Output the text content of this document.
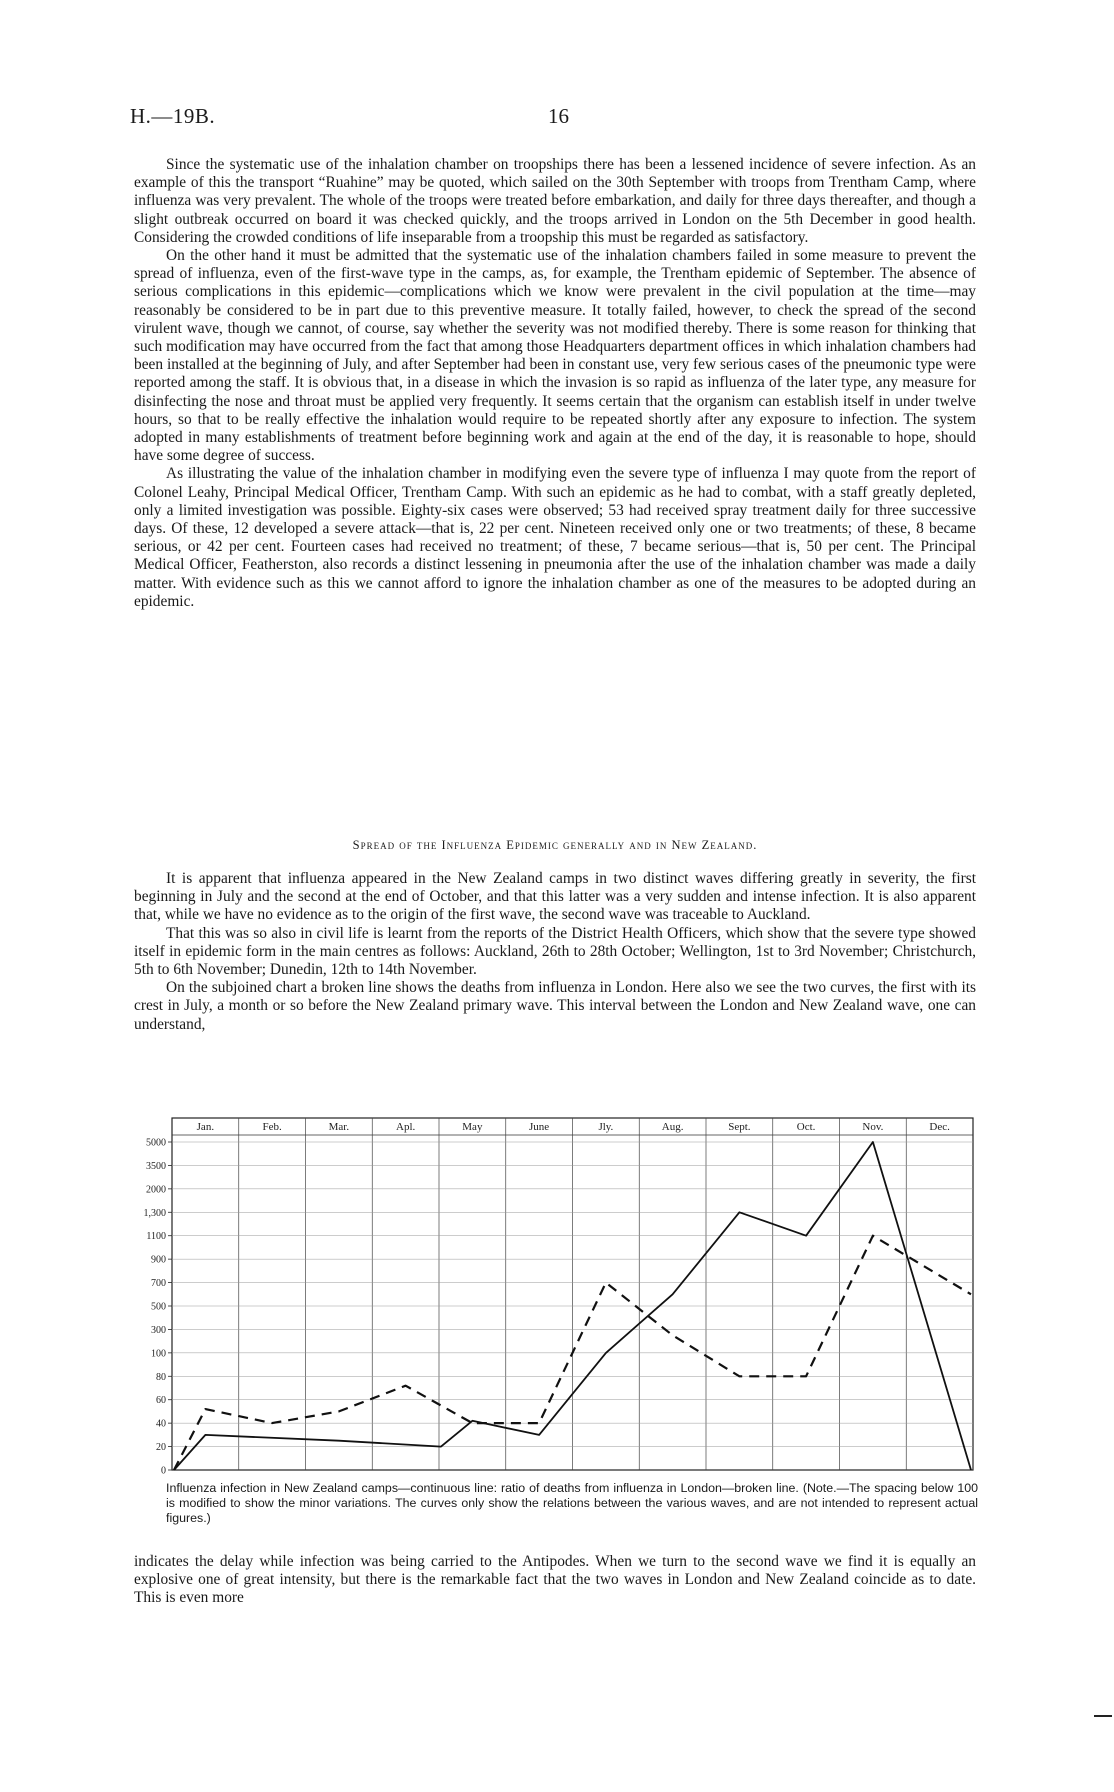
H.—19B.	16

Since the systematic use of the inhalation chamber on troopships there has been a lessened incidence of severe infection. As an example of this the transport “Ruahine” may be quoted, which sailed on the 30th September with troops from Trentham Camp, where influenza was very prevalent. The whole of the troops were treated before embarkation, and daily for three days thereafter, and though a slight outbreak occurred on board it was checked quickly, and the troops arrived in London on the 5th December in good health. Considering the crowded conditions of life inseparable from a troopship this must be regarded as satisfactory.

On the other hand it must be admitted that the systematic use of the inhalation chambers failed in some measure to prevent the spread of influenza, even of the first-wave type in the camps, as, for example, the Trentham epidemic of September. The absence of serious complications in this epidemic—complications which we know were prevalent in the civil population at the time—may reasonably be considered to be in part due to this preventive measure. It totally failed, however, to check the spread of the second virulent wave, though we cannot, of course, say whether the severity was not modified thereby. There is some reason for thinking that such modification may have occurred from the fact that among those Headquarters department offices in which inhalation chambers had been installed at the beginning of July, and after September had been in constant use, very few serious cases of the pneumonic type were reported among the staff. It is obvious that, in a disease in which the invasion is so rapid as influenza of the later type, any measure for disinfecting the nose and throat must be applied very frequently. It seems certain that the organism can establish itself in under twelve hours, so that to be really effective the inhalation would require to be repeated shortly after any exposure to infection. The system adopted in many establishments of treatment before beginning work and again at the end of the day, it is reasonable to hope, should have some degree of success.

As illustrating the value of the inhalation chamber in modifying even the severe type of influenza I may quote from the report of Colonel Leahy, Principal Medical Officer, Trentham Camp. With such an epidemic as he had to combat, with a staff greatly depleted, only a limited investigation was possible. Eighty-six cases were observed; 53 had received spray treatment daily for three successive days. Of these, 12 developed a severe attack—that is, 22 per cent. Nineteen received only one or two treatments; of these, 8 became serious, or 42 per cent. Fourteen cases had received no treatment; of these, 7 became serious—that is, 50 per cent. The Principal Medical Officer, Featherston, also records a distinct lessening in pneumonia after the use of the inhalation chamber was made a daily matter. With evidence such as this we cannot afford to ignore the inhalation chamber as one of the measures to be adopted during an epidemic.

Spread of the Influenza Epidemic generally and in New Zealand.

It is apparent that influenza appeared in the New Zealand camps in two distinct waves differing greatly in severity, the first beginning in July and the second at the end of October, and that this latter was a very sudden and intense infection. It is also apparent that, while we have no evidence as to the origin of the first wave, the second wave was traceable to Auckland.

That this was so also in civil life is learnt from the reports of the District Health Officers, which show that the severe type showed itself in epidemic form in the main centres as follows: Auckland, 26th to 28th October; Wellington, 1st to 3rd November; Christchurch, 5th to 6th November; Dunedin, 12th to 14th November.

On the subjoined chart a broken line shows the deaths from influenza in London. Here also we see the two curves, the first with its crest in July, a month or so before the New Zealand primary wave. This interval between the London and New Zealand wave, one can understand,

5000
3500
2000
1,300
1100
900
700
500
300
100
80
60
40
20
0
Jan.	Feb.	Mar.	Apl.	May	June	Jly.	Aug.	Sept.	Oct.	Nov.	Dec.
Influenza infection in New Zealand camps—continuous line: ratio of deaths from influenza in London—broken line. (Note.—The spacing below 100 is modified to show the minor variations. The curves only show the relations between the various waves, and are not intended to represent actual figures.)

indicates the delay while infection was being carried to the Antipodes. When we turn to the second wave we find it is equally an explosive one of great intensity, but there is the remarkable fact that the two waves in London and New Zealand coincide as to date. This is even more
